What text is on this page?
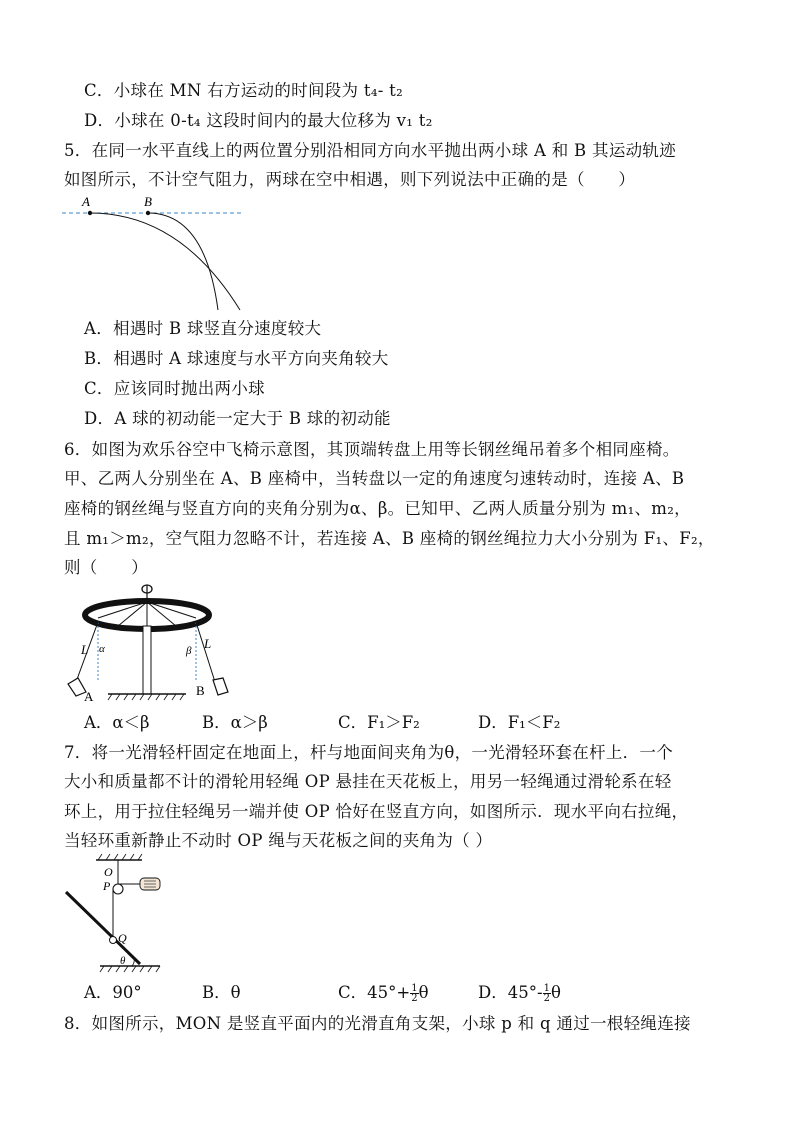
C．小球在 MN 右方运动的时间段为 t₄- t₂
D．小球在 0-t₄ 这段时间内的最大位移为 v₁ t₂
5．在同一水平直线上的两位置分别沿相同方向水平抛出两小球 A 和 B 其运动轨迹
如图所示，不计空气阻力，两球在空中相遇，则下列说法中正确的是（　　）
A	B
A．相遇时 B 球竖直分速度较大
B．相遇时 A 球速度与水平方向夹角较大
C．应该同时抛出两小球
D．A 球的初动能一定大于 B 球的初动能
6．如图为欢乐谷空中飞椅示意图，其顶端转盘上用等长钢丝绳吊着多个相同座椅。
甲、乙两人分别坐在 A、B 座椅中，当转盘以一定的角速度匀速转动时，连接 A、B
座椅的钢丝绳与竖直方向的夹角分别为α、β。已知甲、乙两人质量分别为 m₁、m₂，
且 m₁＞m₂，空气阻力忽略不计，若连接 A、B 座椅的钢丝绳拉力大小分别为 F₁、F₂，
则（　　）
L	L
α	β
A	B
A．α＜β	B．α＞β	C．F₁＞F₂	D．F₁＜F₂
7．将一光滑轻杆固定在地面上，杆与地面间夹角为θ，一光滑轻环套在杆上．一个
大小和质量都不计的滑轮用轻绳 OP 悬挂在天花板上，用另一轻绳通过滑轮系在轻
环上，用于拉住轻绳另一端并使 OP 恰好在竖直方向，如图所示．现水平向右拉绳，
当轻环重新静止不动时 OP 绳与天花板之间的夹角为（ ）
O
P
Q
θ
A．90°	B．θ	C．$45^\circ+ \frac{1}{2}$ θ	D．$45^\circ- \frac{1}{2}$ θ
8．如图所示，MON 是竖直平面内的光滑直角支架，小球 p 和 q 通过一根轻绳连接
